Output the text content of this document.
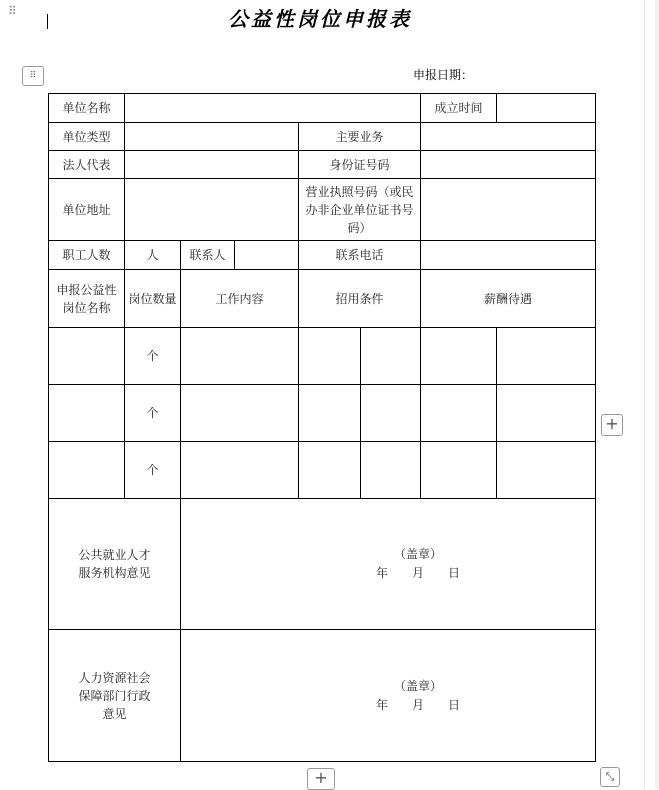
⠿	公益性岗位申报表
⠿	申报日期：
单位名称						成立时间	
单位类型				主要业务			
法人代表				身份证号码			
单位地址				营业执照号码（或民办非企业单位证书号码）			
职工人数	人	联系人		联系电话			
申报公益性岗位名称	岗位数量	工作内容		招用条件		薪酬待遇	
	个						
	个						
	个						
公共就业人才服务机构意见		（盖章）
年 月 日					

人力资源社会保障部门行政意见		（盖章）
年 月 日					
+
+	⤡
